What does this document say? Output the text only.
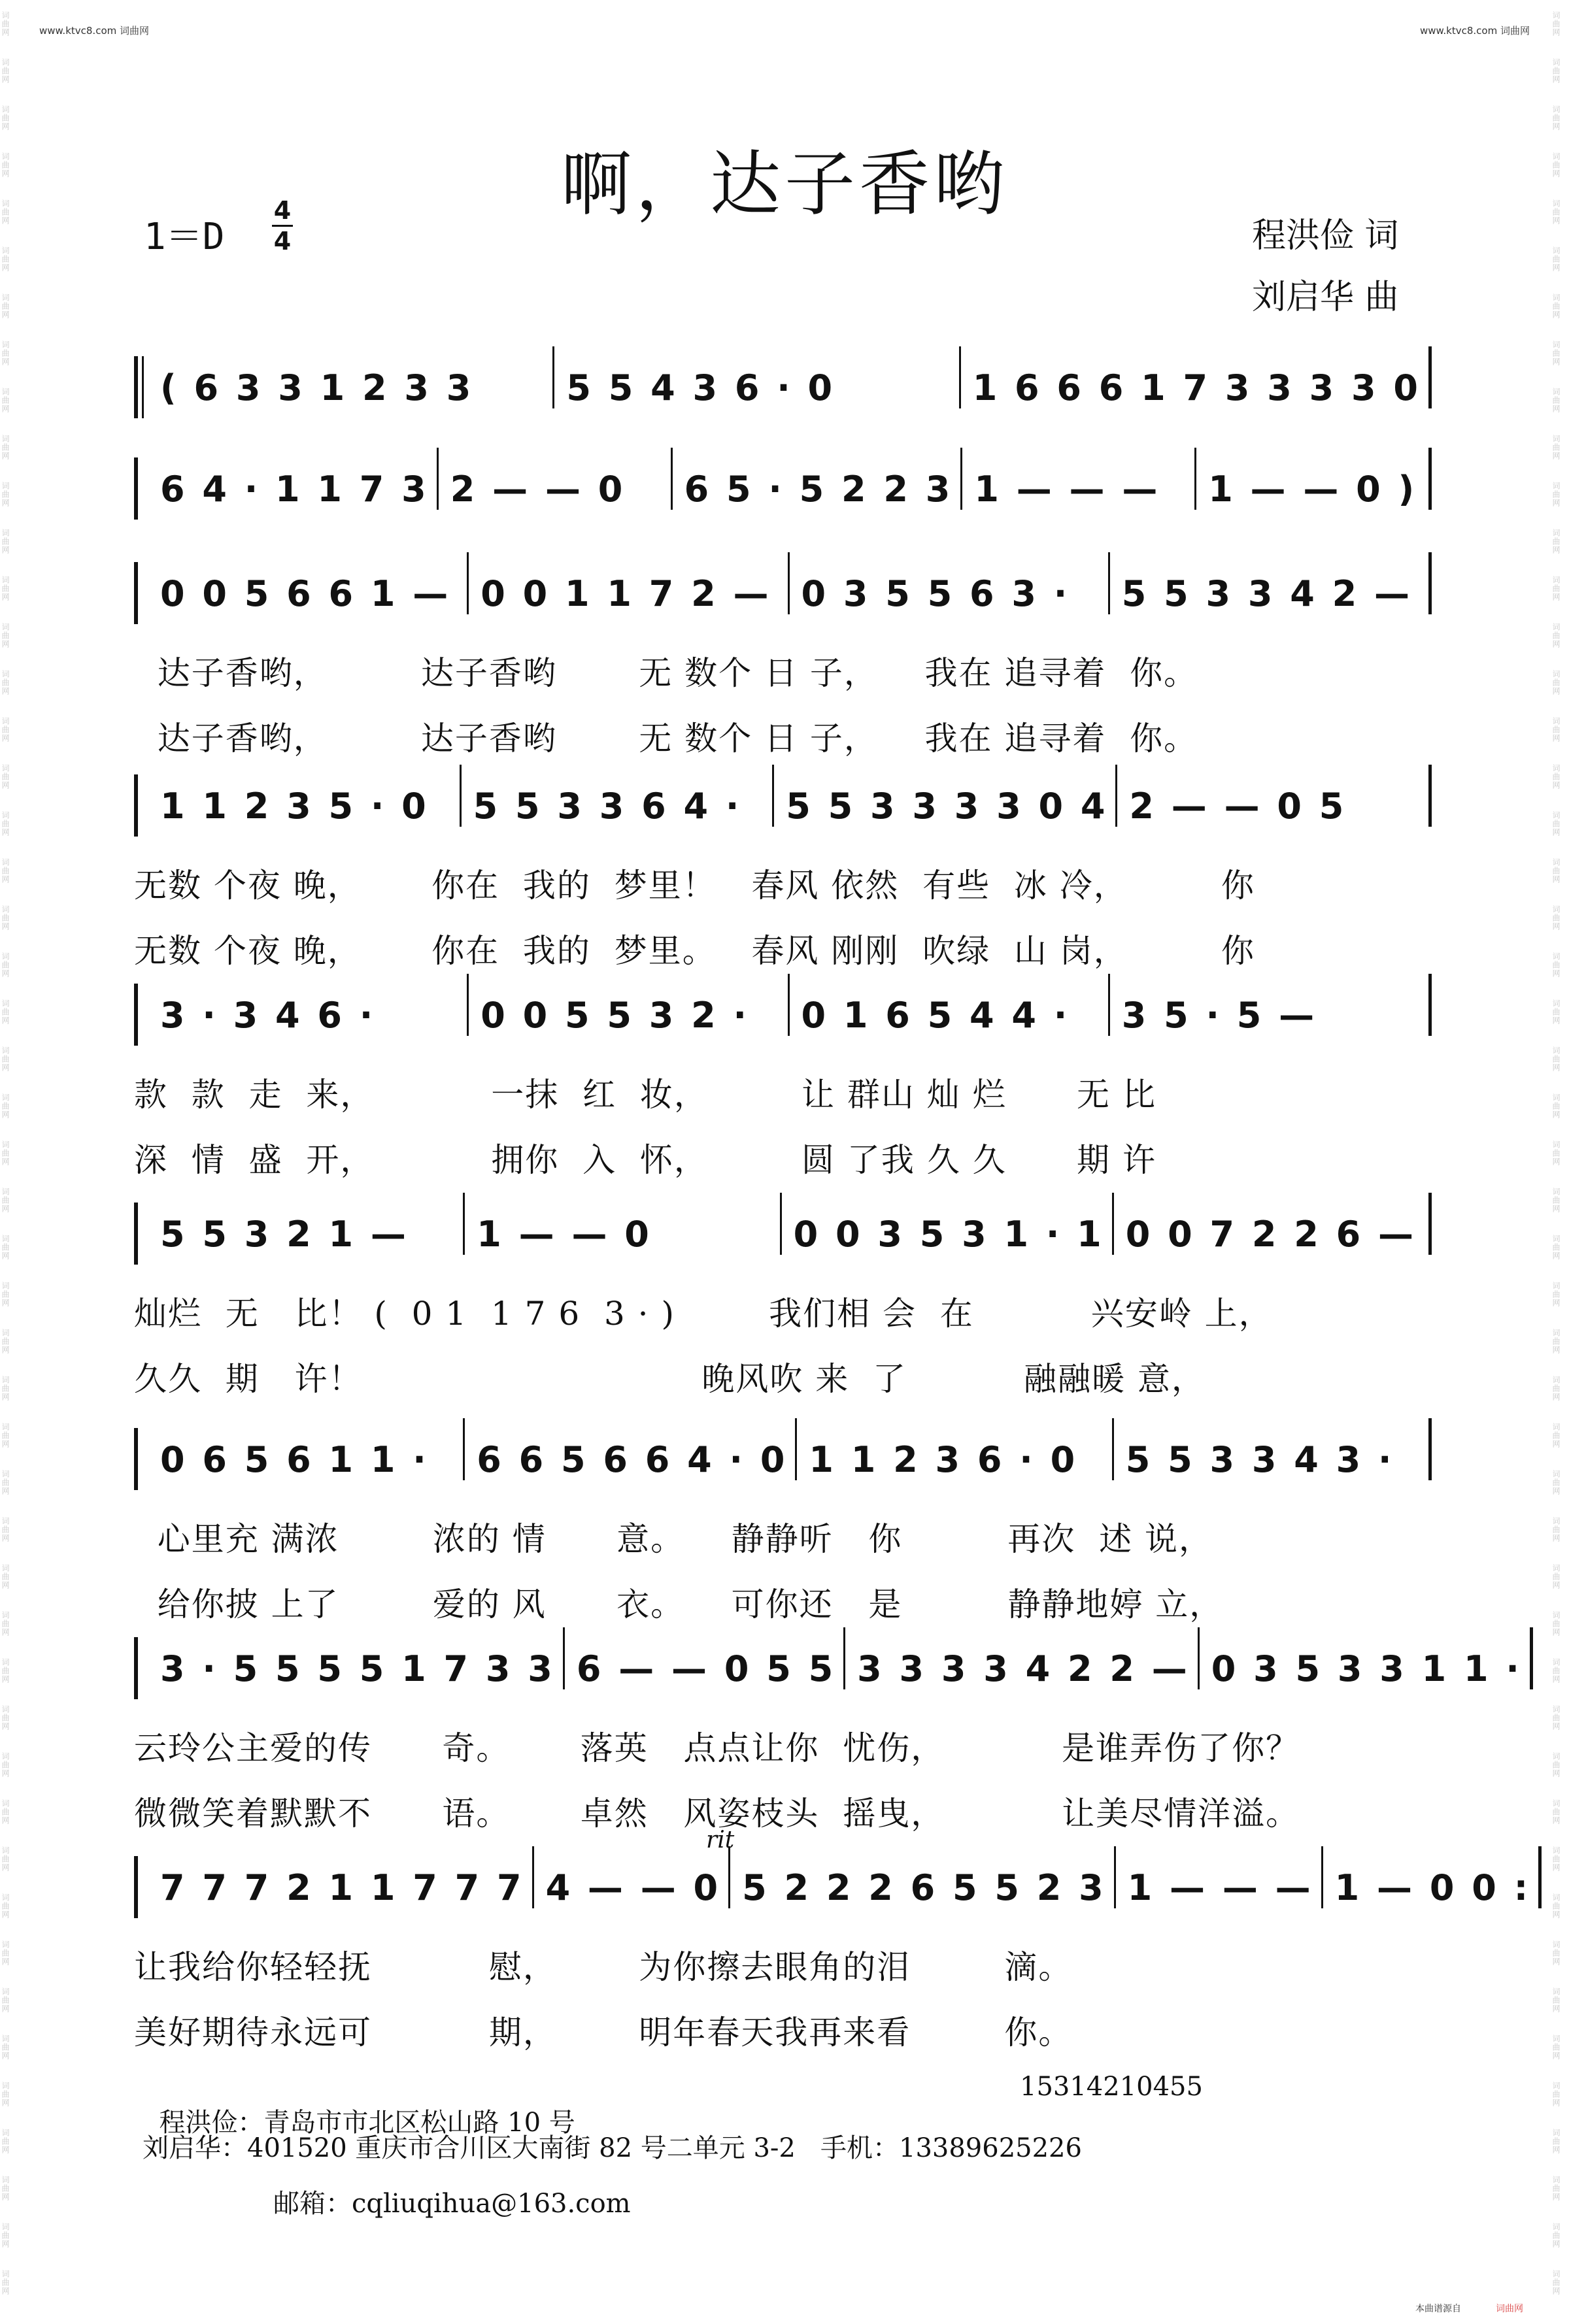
词曲网
词曲网
词曲网
词曲网
词曲网
词曲网
词曲网
词曲网
词曲网
词曲网
词曲网
词曲网
词曲网
词曲网
词曲网
词曲网
词曲网
词曲网
词曲网
词曲网
词曲网
词曲网
词曲网
词曲网
词曲网
词曲网
词曲网
词曲网
词曲网
词曲网
词曲网
词曲网
词曲网
词曲网
词曲网
词曲网
词曲网
词曲网
词曲网
词曲网
词曲网
词曲网
词曲网
词曲网
词曲网
词曲网
词曲网
词曲网
词曲网
词曲网
词曲网
词曲网
词曲网
词曲网
词曲网
词曲网
词曲网
词曲网
词曲网
词曲网
词曲网
词曲网
词曲网
词曲网
词曲网
词曲网
词曲网
词曲网
词曲网
词曲网
词曲网
词曲网
词曲网
词曲网
词曲网
词曲网
词曲网
词曲网
词曲网
词曲网
词曲网
词曲网
词曲网
词曲网
词曲网
词曲网
词曲网
词曲网
词曲网
词曲网
词曲网
词曲网
词曲网
词曲网
词曲网
词曲网
词曲网
词曲网
www.ktvc8.com 词曲网	www.ktvc8.com 词曲网
啊，达子香哟
1＝D
4
4	程洪俭 词
刘启华 曲
( 6 3 3 1 2 3 3	5 5 4 3 6 · 0	1 6 6 6 1 7 3 3 3 3 0
6 4 · 1 1 7 3 2 — — 0 6 5 · 5 2 2 3 1 — — — 1 — — 0 )
0 0 5 6 6 1 — 0 0 1 1 7 2 — 0 3 5 5 6 3 · 5 5 3 3 4 2 —
达子香哟，        达子香哟       无 数个 日 子，    我在 追寻着  你。
达子香哟，        达子香哟       无 数个 日 子，    我在 追寻着  你。
1 1 2 3 5 · 0 5 5 3 3 6 4 · 5 5 3 3 3 3 0 4 2 — — 0 5
无数 个夜 晚，      你在  我的  梦里！   春风 依然  有些  冰 冷，        你
无数 个夜 晚，      你在  我的  梦里。   春风 刚刚  吹绿  山 岗，        你
3 · 3 4 6 ·	0 0 5 5 3 2 · 0 1 6 5 4 4 · 3 5 · 5 —
款  款  走  来，          一抹  红  妆，        让 群山 灿 烂      无 比
深  情  盛  开，          拥你  入  怀，        圆 了我 久 久      期 许
5 5 3 2 1 — 1 — — 0	0 0 3 5 3 1 · 1 0 0 7 2 2 6 —
灿烂  无   比！ (  0 1  1 7 6  3 · )        我们相 会  在          兴安岭 上，
久久  期   许！                             晚风吹 来  了          融融暖 意，
0 6 5 6 1 1 · 6 6 5 6 6 4 · 0 1 1 2 3 6 · 0 5 5 3 3 4 3 ·
心里充 满浓        浓的 情      意。    静静听   你         再次  述 说，
给你披 上了        爱的 风      衣。    可你还   是         静静地婷 立，
3 · 5 5 5 5 1 7 3 3 6 — — 0 5 5 3 3 3 3 4 2 2 — 0 3 5 3 3 1 1 ·
云玲公主爱的传      奇。      落英   点点让你  忧伤，          是谁弄伤了你？
微微笑着默默不      语。      卓然   风姿枝头  摇曳，          让美尽情洋溢。
7 7 7 2 1 1 7 7 7 4 — — 0 5 2 2 2 6 5 5 2 3 1 — — — 1 — 0 0 :
让我给你轻轻抚          慰，       为你擦去眼角的泪        滴。
美好期待永远可          期，       明年春天我再来看        你。
rit

程洪俭：青岛市市北区松山路 10 号

15314210455
刘启华：401520 重庆市合川区大南街 82 号二单元 3-2   手机：13389625226
邮箱：cqliuqihua@163.com
本曲谱源自	词曲网
